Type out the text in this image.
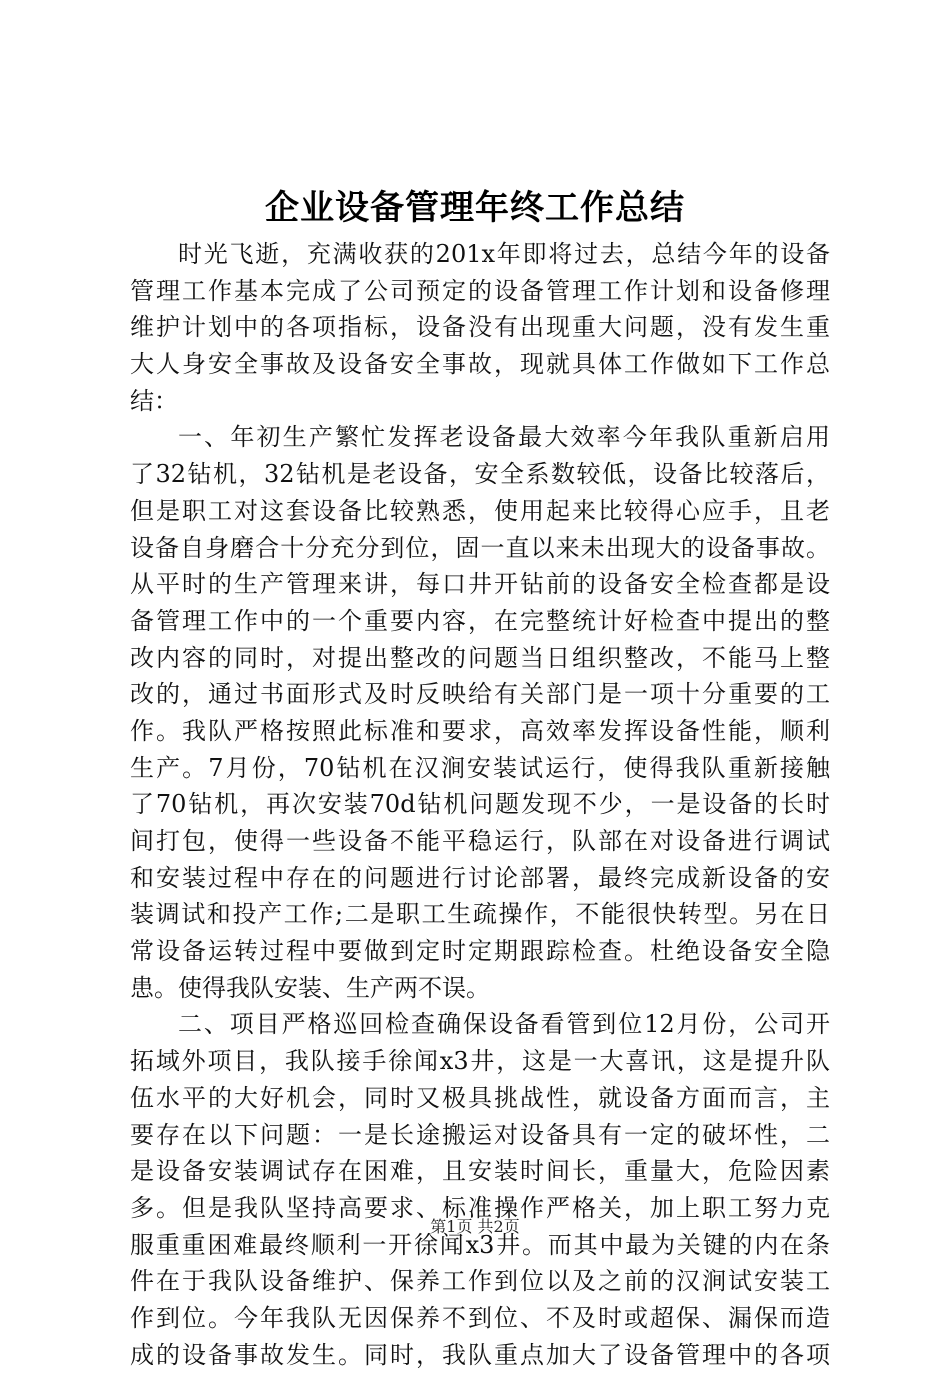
企业设备管理年终工作总结
时光飞逝，充满收获的201x年即将过去，总结今年的设备
管理工作基本完成了公司预定的设备管理工作计划和设备修理
维护计划中的各项指标，设备没有出现重大问题，没有发生重
大人身安全事故及设备安全事故，现就具体工作做如下工作总
结：
一、年初生产繁忙发挥老设备最大效率今年我队重新启用
了32钻机，32钻机是老设备，安全系数较低，设备比较落后，
但是职工对这套设备比较熟悉，使用起来比较得心应手，且老
设备自身磨合十分充分到位，固一直以来未出现大的设备事故。
从平时的生产管理来讲，每口井开钻前的设备安全检查都是设
备管理工作中的一个重要内容，在完整统计好检查中提出的整
改内容的同时，对提出整改的问题当日组织整改，不能马上整
改的，通过书面形式及时反映给有关部门是一项十分重要的工
作。我队严格按照此标准和要求，高效率发挥设备性能，顺利
生产。7月份，70钻机在汉涧安装试运行，使得我队重新接触
了70钻机，再次安装70d钻机问题发现不少，一是设备的长时
间打包，使得一些设备不能平稳运行，队部在对设备进行调试
和安装过程中存在的问题进行讨论部署，最终完成新设备的安
装调试和投产工作;二是职工生疏操作，不能很快转型。另在日
常设备运转过程中要做到定时定期跟踪检查。杜绝设备安全隐
患。使得我队安装、生产两不误。
二、项目严格巡回检查确保设备看管到位12月份，公司开
拓域外项目，我队接手徐闻x3井，这是一大喜讯，这是提升队
伍水平的大好机会，同时又极具挑战性，就设备方面而言，主
要存在以下问题：一是长途搬运对设备具有一定的破坏性，二
是设备安装调试存在困难，且安装时间长，重量大，危险因素
多。但是我队坚持高要求、标准操作严格关，加上职工努力克
服重重困难最终顺利一开徐闻x3井。而其中最为关键的内在条
件在于我队设备维护、保养工作到位以及之前的汉涧试安装工
作到位。今年我队无因保养不到位、不及时或超保、漏保而造
成的设备事故发生。同时，我队重点加大了设备管理中的各项
第1页 共2页
